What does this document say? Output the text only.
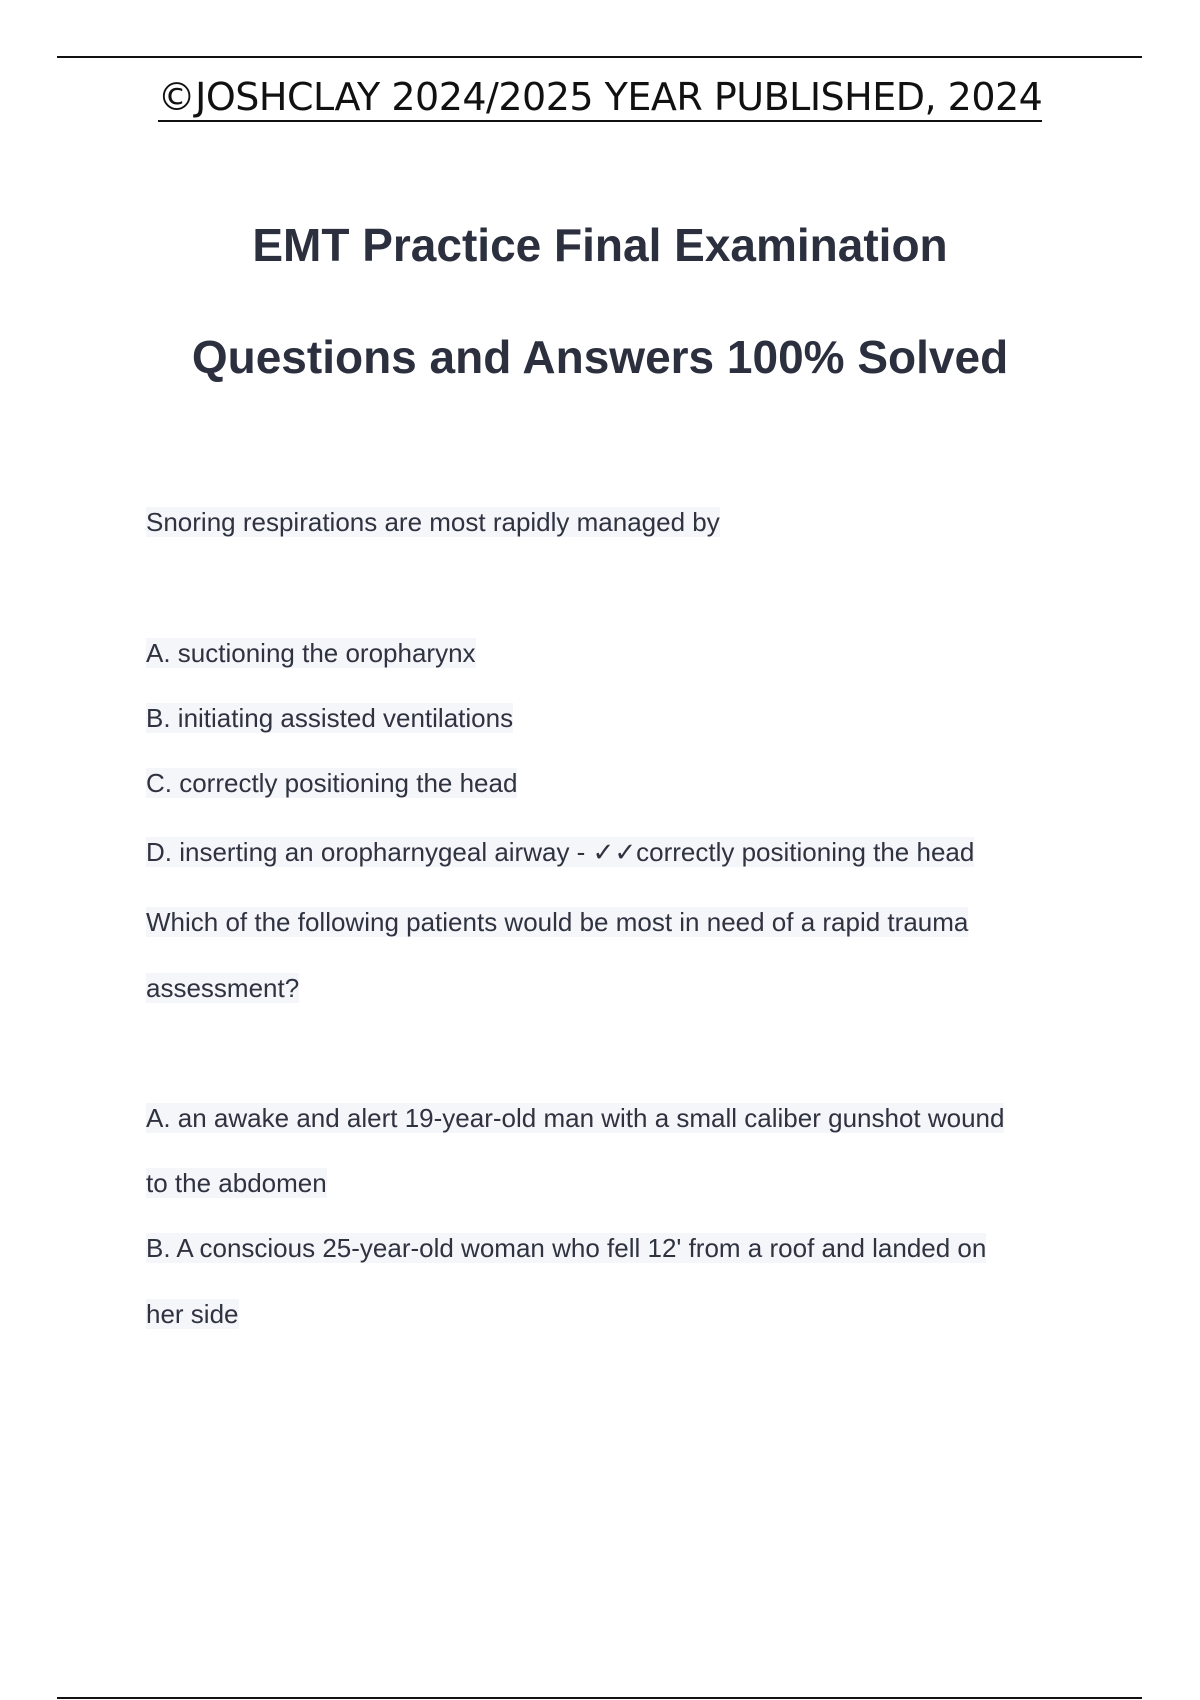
©JOSHCLAY 2024/2025 YEAR PUBLISHED, 2024
EMT Practice Final Examination
Questions and Answers 100% Solved

Snoring respirations are most rapidly managed by

A. suctioning the oropharynx

B. initiating assisted ventilations

C. correctly positioning the head

D. inserting an oropharnygeal airway - ✓✓correctly positioning the head

Which of the following patients would be most in need of a rapid trauma

assessment?

A. an awake and alert 19-year-old man with a small caliber gunshot wound

to the abdomen

B. A conscious 25-year-old woman who fell 12' from a roof and landed on

her side
